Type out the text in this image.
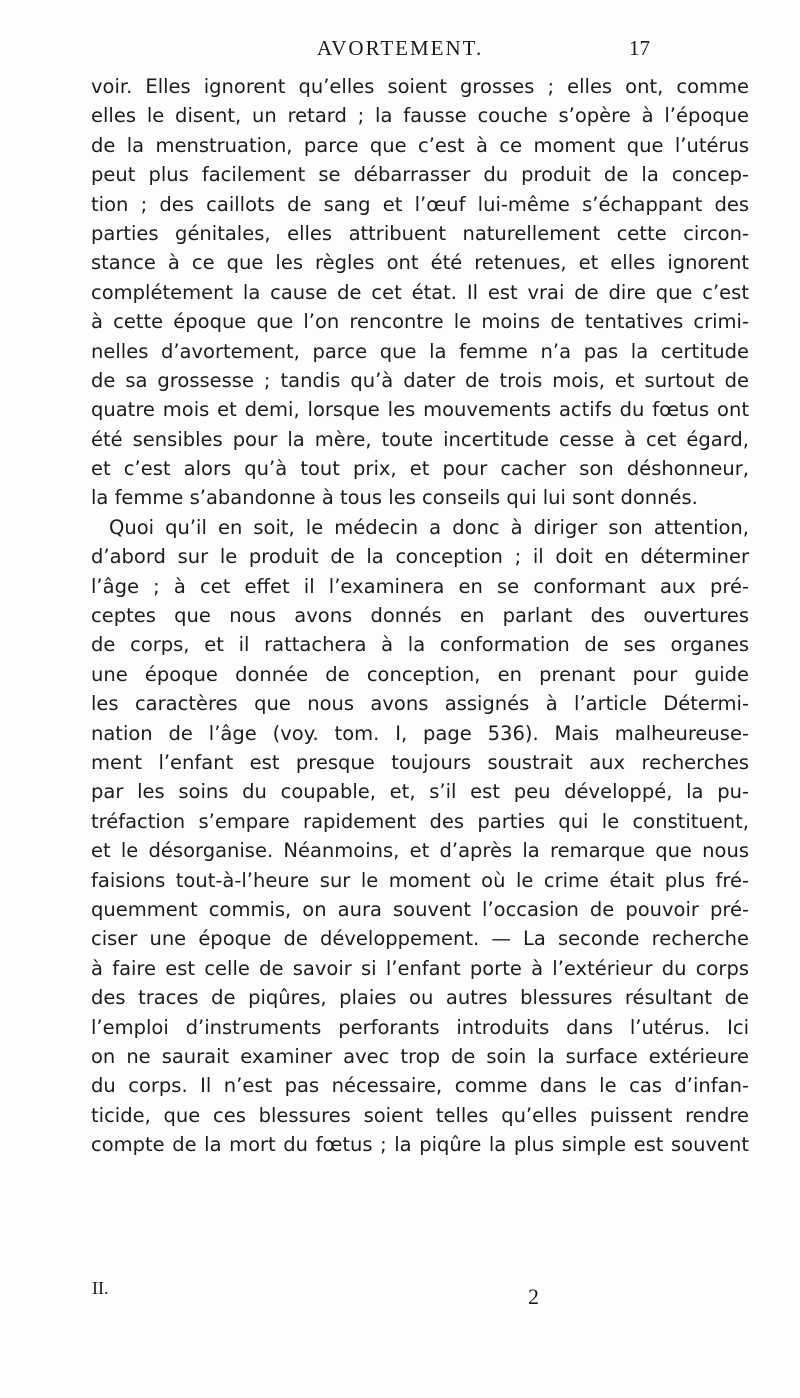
AVORTEMENT.	17
voir. Elles ignorent qu’elles soient grosses ; elles ont, comme
elles le disent, un retard ; la fausse couche s’opère à l’époque
de la menstruation, parce que c’est à ce moment que l’utérus
peut plus facilement se débarrasser du produit de la concep-
tion ; des caillots de sang et l’œuf lui-même s’échappant des
parties génitales, elles attribuent naturellement cette circon-
stance à ce que les règles ont été retenues, et elles ignorent
complétement la cause de cet état. Il est vrai de dire que c’est
à cette époque que l’on rencontre le moins de tentatives crimi-
nelles d’avortement, parce que la femme n’a pas la certitude
de sa grossesse ; tandis qu’à dater de trois mois, et surtout de
quatre mois et demi, lorsque les mouvements actifs du fœtus ont
été sensibles pour la mère, toute incertitude cesse à cet égard,
et c’est alors qu’à tout prix, et pour cacher son déshonneur,
la femme s’abandonne à tous les conseils qui lui sont donnés.
Quoi qu’il en soit, le médecin a donc à diriger son attention,
d’abord sur le produit de la conception ; il doit en déterminer
l’âge ; à cet effet il l’examinera en se conformant aux pré-
ceptes que nous avons donnés en parlant des ouvertures
de corps, et il rattachera à la conformation de ses organes
une époque donnée de conception, en prenant pour guide
les caractères que nous avons assignés à l’article Détermi-
nation de l’âge (voy. tom. I, page 536). Mais malheureuse-
ment l’enfant est presque toujours soustrait aux recherches
par les soins du coupable, et, s’il est peu développé, la pu-
tréfaction s’empare rapidement des parties qui le constituent,
et le désorganise. Néanmoins, et d’après la remarque que nous
faisions tout-à-l’heure sur le moment où le crime était plus fré-
quemment commis, on aura souvent l’occasion de pouvoir pré-
ciser une époque de développement. — La seconde recherche
à faire est celle de savoir si l’enfant porte à l’extérieur du corps
des traces de piqûres, plaies ou autres blessures résultant de
l’emploi d’instruments perforants introduits dans l’utérus. Ici
on ne saurait examiner avec trop de soin la surface extérieure
du corps. Il n’est pas nécessaire, comme dans le cas d’infan-
ticide, que ces blessures soient telles qu’elles puissent rendre
compte de la mort du fœtus ; la piqûre la plus simple est souvent
II.	2
